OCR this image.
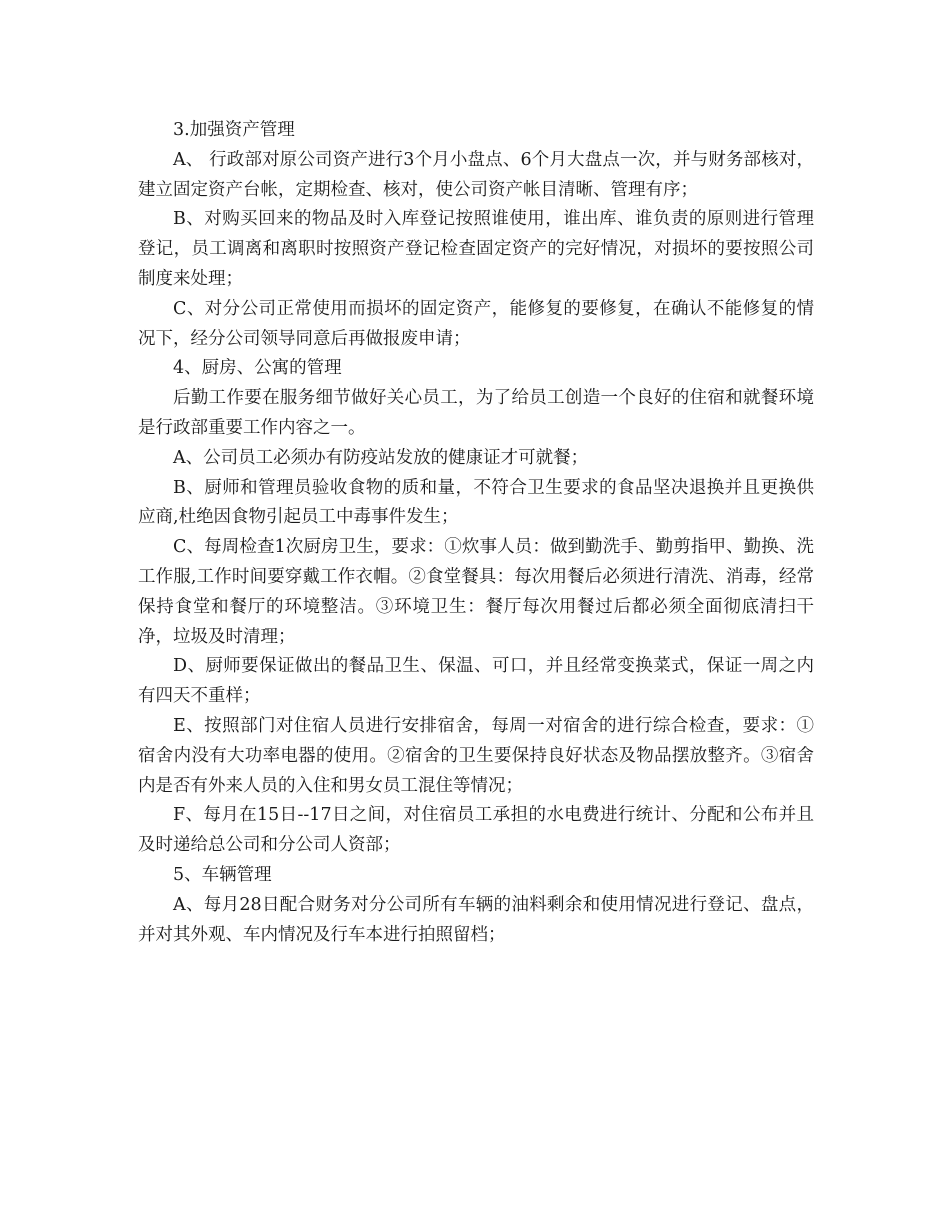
3.加强资产管理

A、 行政部对原公司资产进行3个月小盘点、6个月大盘点一次，并与财务部核对，建立固定资产台帐，定期检查、核对，使公司资产帐目清晰、管理有序；

B、对购买回来的物品及时入库登记按照谁使用，谁出库、谁负责的原则进行管理登记，员工调离和离职时按照资产登记检查固定资产的完好情况，对损坏的要按照公司制度来处理；

C、对分公司正常使用而损坏的固定资产，能修复的要修复，在确认不能修复的情况下，经分公司领导同意后再做报废申请；

4、厨房、公寓的管理

后勤工作要在服务细节做好关心员工，为了给员工创造一个良好的住宿和就餐环境是行政部重要工作内容之一。

A、公司员工必须办有防疫站发放的健康证才可就餐；

B、厨师和管理员验收食物的质和量，不符合卫生要求的食品坚决退换并且更换供应商,杜绝因食物引起员工中毒事件发生；

C、每周检查1次厨房卫生，要求：①炊事人员：做到勤洗手、勤剪指甲、勤换、洗工作服,工作时间要穿戴工作衣帽。②食堂餐具：每次用餐后必须进行清洗、消毒，经常保持食堂和餐厅的环境整洁。③环境卫生：餐厅每次用餐过后都必须全面彻底清扫干净，垃圾及时清理；

D、厨师要保证做出的餐品卫生、保温、可口，并且经常变换菜式，保证一周之内有四天不重样；

E、按照部门对住宿人员进行安排宿舍，每周一对宿舍的进行综合检查，要求：①宿舍内没有大功率电器的使用。②宿舍的卫生要保持良好状态及物品摆放整齐。③宿舍内是否有外来人员的入住和男女员工混住等情况；

F、每月在15日--17日之间，对住宿员工承担的水电费进行统计、分配和公布并且及时递给总公司和分公司人资部；

5、车辆管理

A、每月28日配合财务对分公司所有车辆的油料剩余和使用情况进行登记、盘点，并对其外观、车内情况及行车本进行拍照留档；
